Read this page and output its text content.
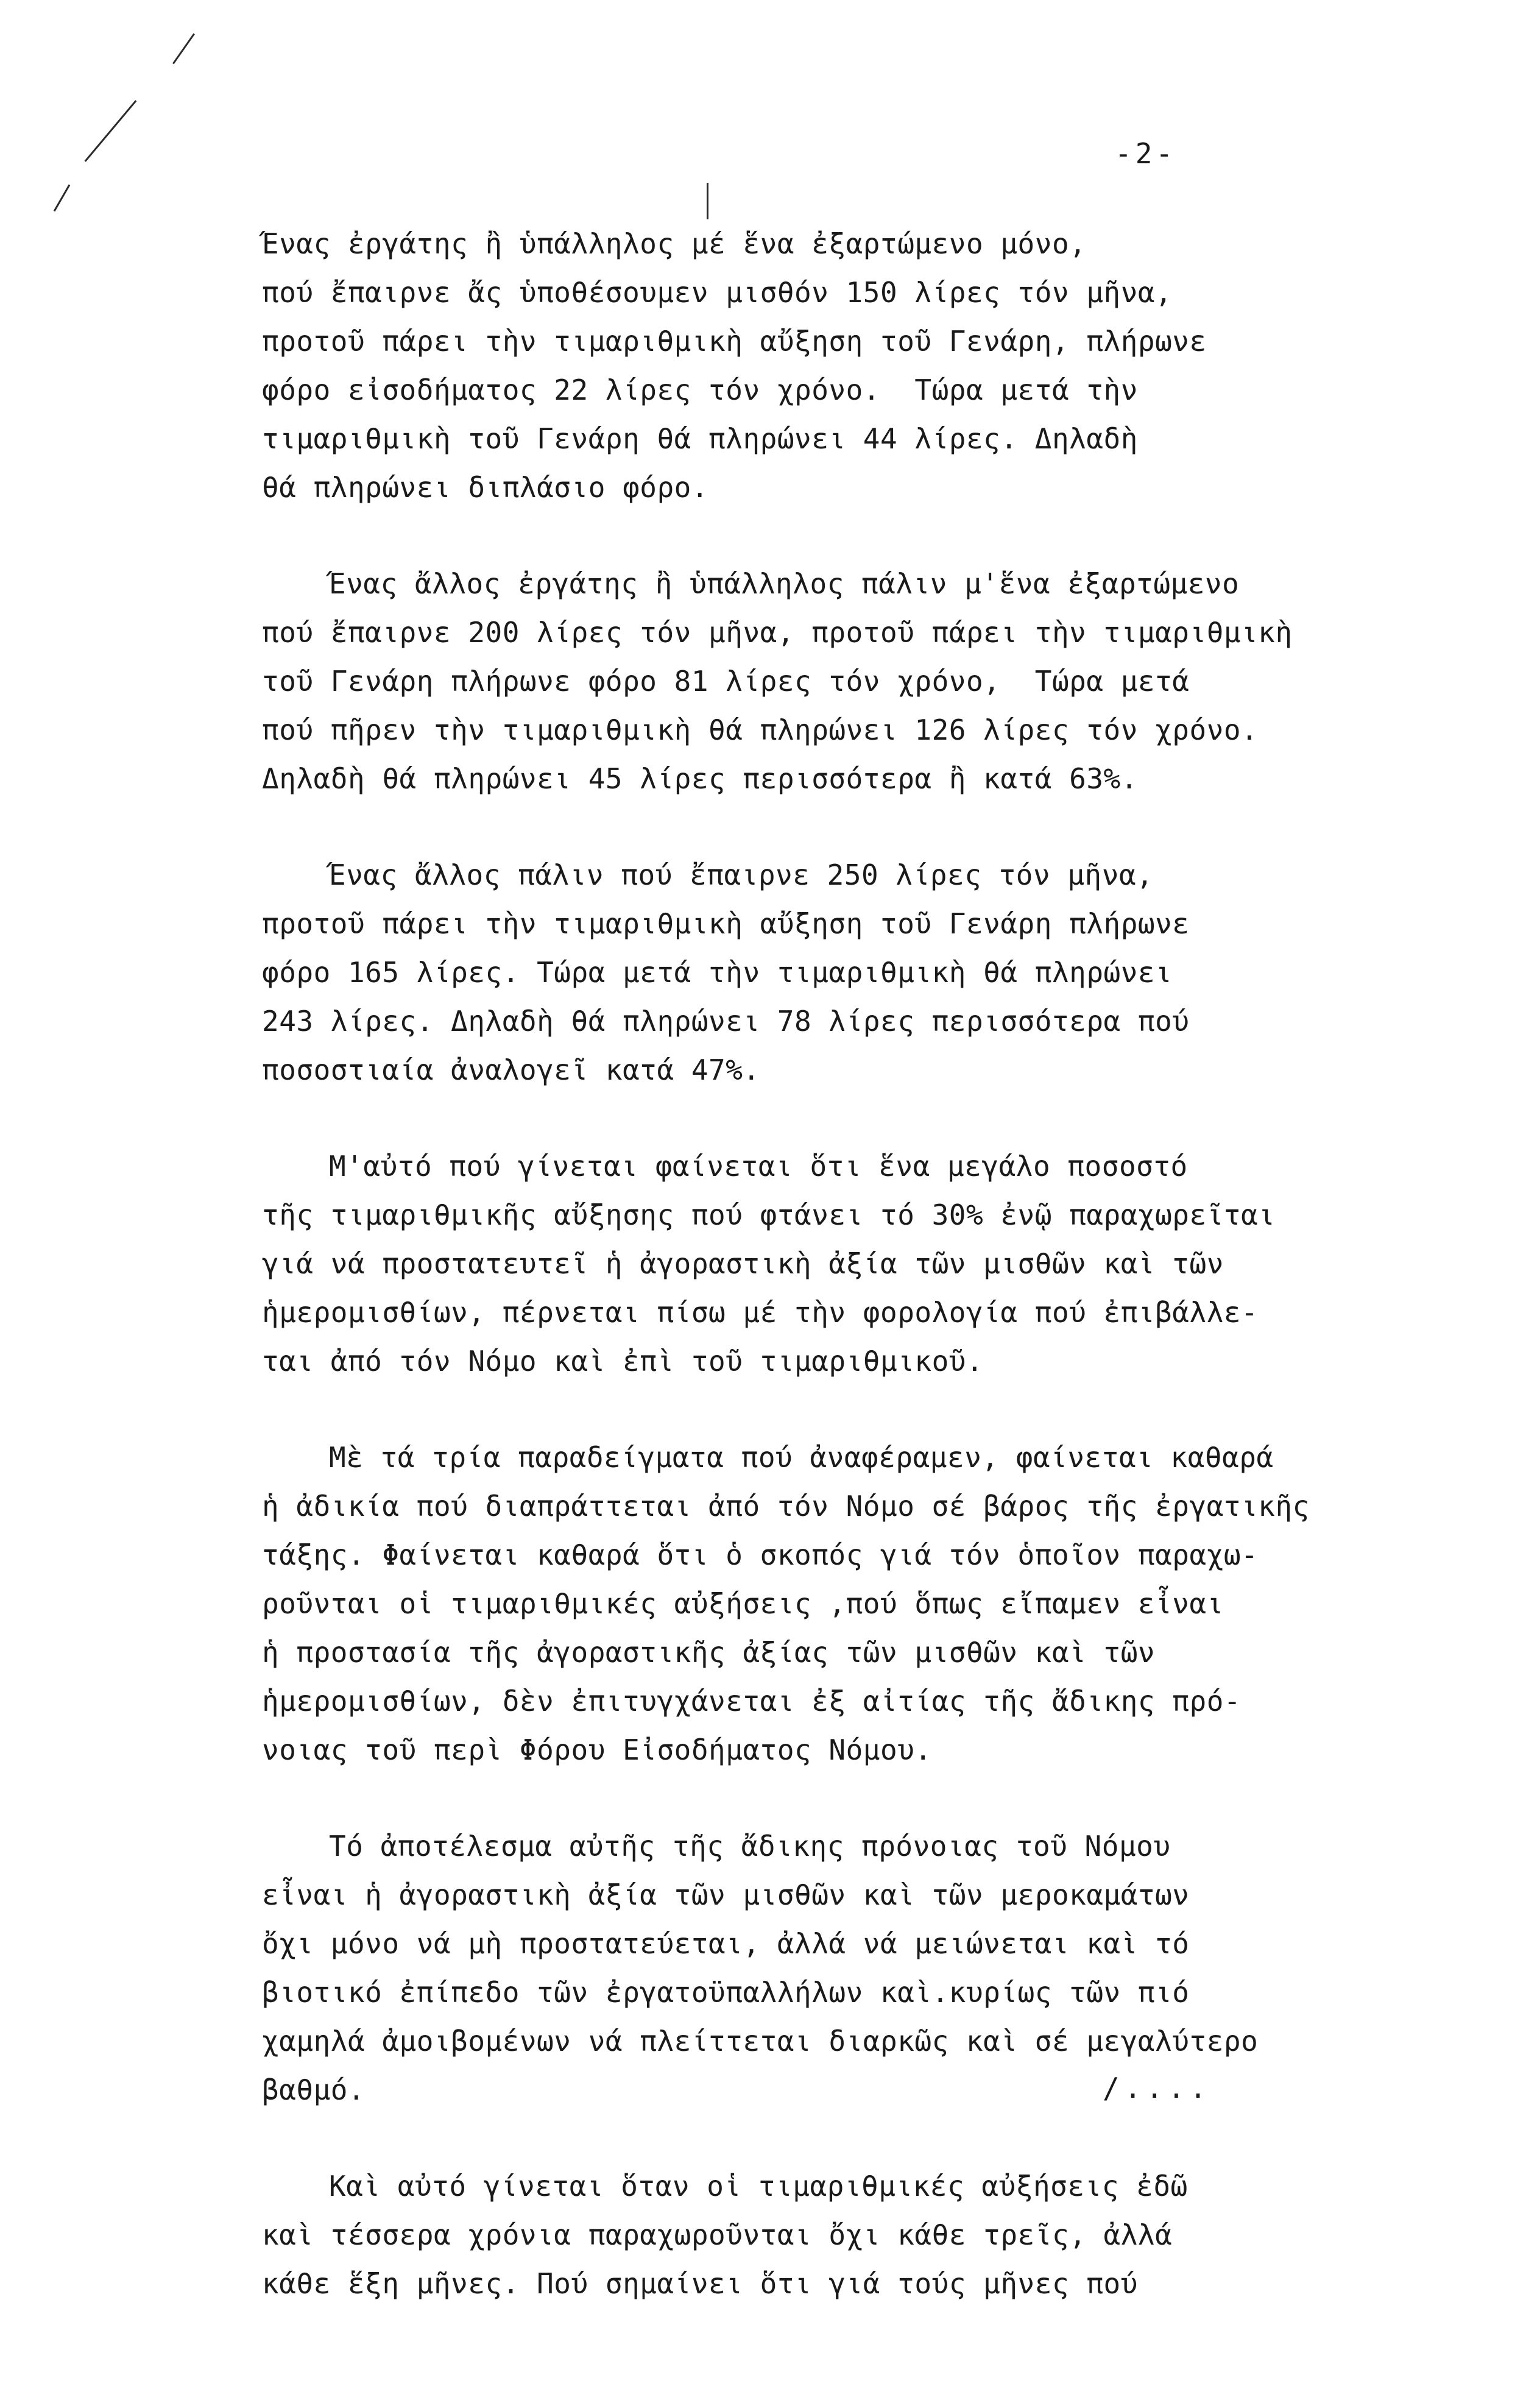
-2-
Ένας ἐργάτης ἢ ὑπάλληλος μέ ἕνα ἐξαρτώμενο μόνο,
πού ἔπαιρνε ἄς ὑποθέσουμεν μισθόν 150 λίρες τόν μῆνα,
προτοῦ πάρει τὴν τιμαριθμικὴ αὔξηση τοῦ Γενάρη, πλήρωνε
φόρο εἰσοδήματος 22 λίρες τόν χρόνο.  Τώρα μετά τὴν
τιμαριθμικὴ τοῦ Γενάρη θά πληρώνει 44 λίρες. Δηλαδὴ
θά πληρώνει διπλάσιο φόρο.
Ένας ἄλλος ἐργάτης ἢ ὑπάλληλος πάλιν μ'ἕνα ἐξαρτώμενο
πού ἔπαιρνε 200 λίρες τόν μῆνα, προτοῦ πάρει τὴν τιμαριθμικὴ
τοῦ Γενάρη πλήρωνε φόρο 81 λίρες τόν χρόνο,  Τώρα μετά
πού πῆρεν τὴν τιμαριθμικὴ θά πληρώνει 126 λίρες τόν χρόνο.
Δηλαδὴ θά πληρώνει 45 λίρες περισσότερα ἢ κατά 63%.
Ένας ἄλλος πάλιν πού ἔπαιρνε 250 λίρες τόν μῆνα,
προτοῦ πάρει τὴν τιμαριθμικὴ αὔξηση τοῦ Γενάρη πλήρωνε
φόρο 165 λίρες. Τώρα μετά τὴν τιμαριθμικὴ θά πληρώνει
243 λίρες. Δηλαδὴ θά πληρώνει 78 λίρες περισσότερα πού
ποσοστιαία ἀναλογεῖ κατά 47%.
Μ'αὐτό πού γίνεται φαίνεται ὅτι ἕνα μεγάλο ποσοστό
τῆς τιμαριθμικῆς αὔξησης πού φτάνει τό 30% ἐνῷ παραχωρεῖται
γιά νά προστατευτεῖ ἡ ἀγοραστικὴ ἀξία τῶν μισθῶν καὶ τῶν
ἡμερομισθίων, πέρνεται πίσω μέ τὴν φορολογία πού ἐπιβάλλε-
ται ἀπό τόν Νόμο καὶ ἐπὶ τοῦ τιμαριθμικοῦ.
Μὲ τά τρία παραδείγματα πού ἀναφέραμεν, φαίνεται καθαρά
ἡ ἀδικία πού διαπράττεται ἀπό τόν Νόμο σέ βάρος τῆς ἐργατικῆς
τάξης. Φαίνεται καθαρά ὅτι ὁ σκοπός γιά τόν ὁποῖον παραχω-
ροῦνται οἱ τιμαριθμικές αὐξήσεις ,πού ὅπως εἴπαμεν εἶναι
ἡ προστασία τῆς ἀγοραστικῆς ἀξίας τῶν μισθῶν καὶ τῶν
ἡμερομισθίων, δὲν ἐπιτυγχάνεται ἐξ αἰτίας τῆς ἄδικης πρό-
νοιας τοῦ περὶ Φόρου Εἰσοδήματος Νόμου.
Τό ἀποτέλεσμα αὐτῆς τῆς ἄδικης πρόνοιας τοῦ Νόμου
εἶναι ἡ ἀγοραστικὴ ἀξία τῶν μισθῶν καὶ τῶν μεροκαμάτων
ὄχι μόνο νά μὴ προστατεύεται, ἀλλά νά μειώνεται καὶ τό
βιοτικό ἐπίπεδο τῶν ἐργατοϋπαλλήλων καὶ.κυρίως τῶν πιό
χαμηλά ἀμοιβομένων νά πλείττεται διαρκῶς καὶ σέ μεγαλύτερο
βαθμό.
Καὶ αὐτό γίνεται ὅταν οἱ τιμαριθμικές αὐξήσεις ἐδῶ
καὶ τέσσερα χρόνια παραχωροῦνται ὄχι κάθε τρεῖς, ἀλλά
κάθε ἕξη μῆνες. Πού σημαίνει ὅτι γιά τούς μῆνες πού
/....
